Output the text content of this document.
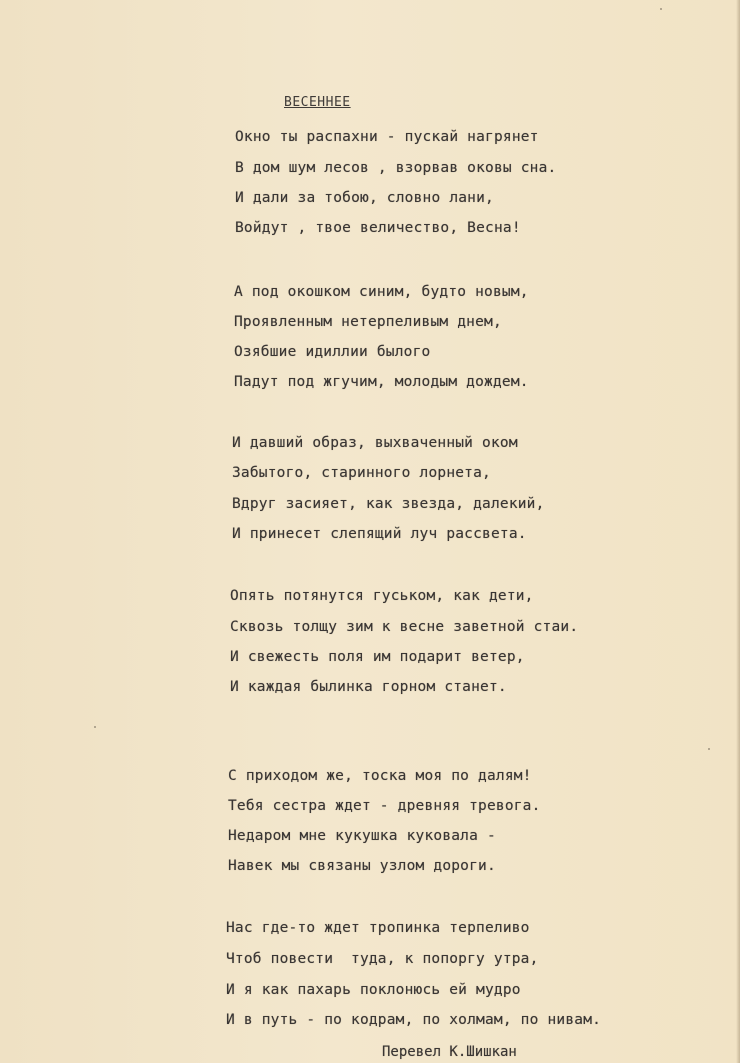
ВЕСЕННЕЕ
Окно ты распахни - пускай нагрянет
В дом шум лесов , взорвав оковы сна.
И дали за тобою, словно лани,
Войдут , твое величество, Весна!
А под окошком синим, будто новым,
Проявленным нетерпеливым днем,
Озябшие идиллии былого
Падут под жгучим, молодым дождем.
И давший образ, выхваченный оком
Забытого, старинного лорнета,
Вдруг засияет, как звезда, далекий,
И принесет слепящий луч рассвета.
Опять потянутся гуськом, как дети,
Сквозь толщу зим к весне заветной стаи.
И свежесть поля им подарит ветер,
И каждая былинка горном станет.
С приходом же, тоска моя по далям!
Тебя сестра ждет - древняя тревога.
Недаром мне кукушка куковала -
Навек мы связаны узлом дороги.
Нас где-то ждет тропинка терпеливо
Чтоб повести  туда, к попоргу утра,
И я как пахарь поклонюсь ей мудро
И в путь - по кодрам, по холмам, по нивам.
Перевел К.Шишкан
